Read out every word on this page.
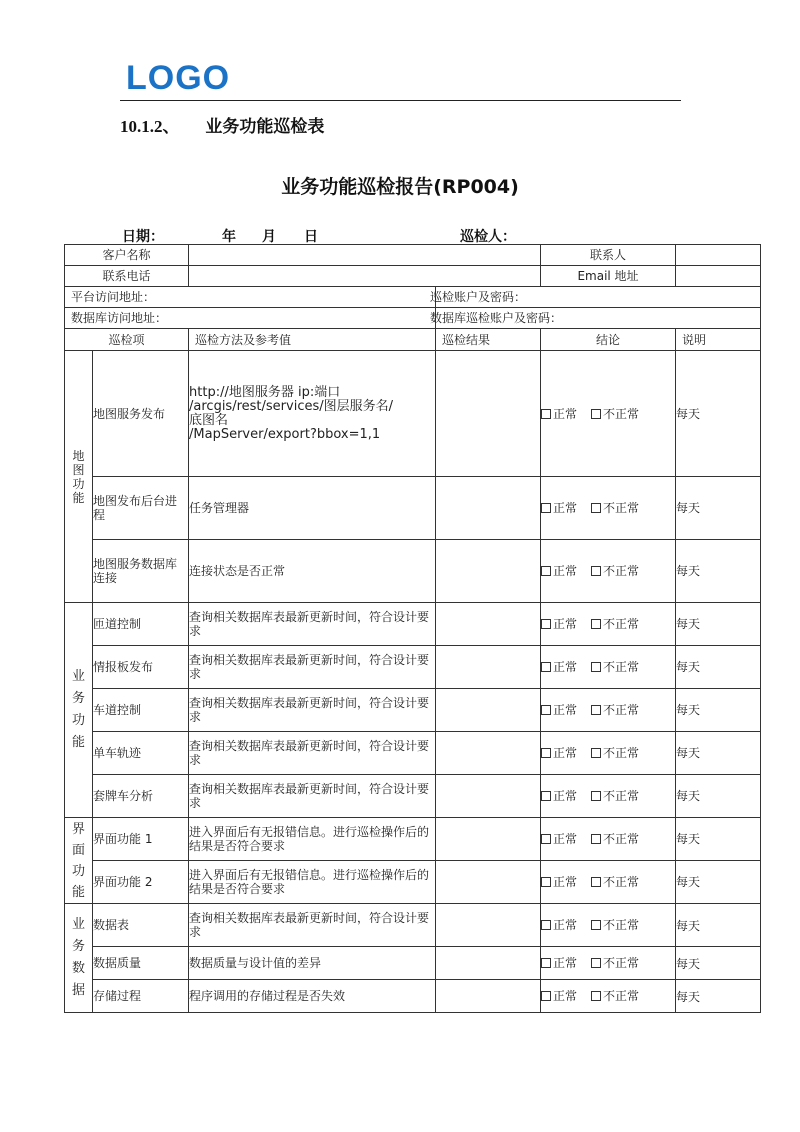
LOGO
10.1.2、 业务功能巡检表
业务功能巡检报告(RP004)
日期：	年 月 日	巡检人：
客户名称				联系人	
联系电话				Email 地址	
平台访问地址：			巡检账户及密码：		
数据库访问地址：			数据库巡检账户及密码：		
巡检项		巡检方法及参考值	巡检结果	结论	说明

地图功能	地图服务发布	http://地图服务器 ip:端口
/arcgis/rest/services/图层服务名/
底图名
/MapServer/export?bbox=1,1		正常 不正常	每天
	地图发布后台进程	任务管理器		正常 不正常	每天
	地图服务数据库连接	连接状态是否正常		正常 不正常	每天

业务功能	匝道控制	查询相关数据库表最新更新时间，符合设计要求		正常 不正常	每天
	情报板发布	查询相关数据库表最新更新时间，符合设计要求		正常 不正常	每天
	车道控制	查询相关数据库表最新更新时间，符合设计要求		正常 不正常	每天
	单车轨迹	查询相关数据库表最新更新时间，符合设计要求		正常 不正常	每天
	套牌车分析	查询相关数据库表最新更新时间，符合设计要求		正常 不正常	每天

界面功能	界面功能 1	进入界面后有无报错信息。进行巡检操作后的结果是否符合要求		正常 不正常	每天
	界面功能 2	进入界面后有无报错信息。进行巡检操作后的结果是否符合要求		正常 不正常	每天

业务数据	数据表	查询相关数据库表最新更新时间，符合设计要求		正常 不正常	每天
	数据质量	数据质量与设计值的差异		正常 不正常	每天
	存储过程	程序调用的存储过程是否失效		正常 不正常	每天
